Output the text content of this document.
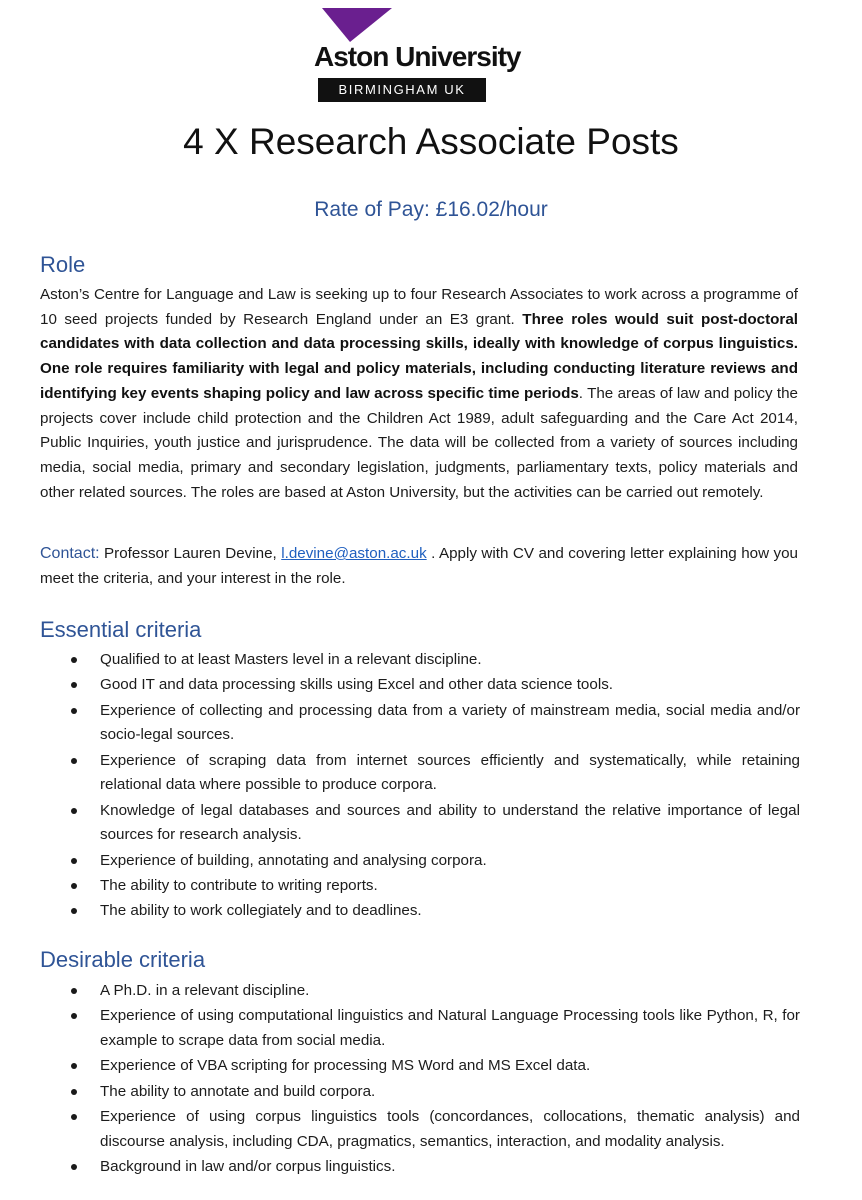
Aston University
BIRMINGHAM UK
4 X Research Associate Posts
Rate of Pay: £16.02/hour
Role

Aston’s Centre for Language and Law is seeking up to four Research Associates to work across a programme of 10 seed projects funded by Research England under an E3 grant. Three roles would suit post-doctoral candidates with data collection and data processing skills, ideally with knowledge of corpus linguistics. One role requires familiarity with legal and policy materials, including conducting literature reviews and identifying key events shaping policy and law across specific time periods. The areas of law and policy the projects cover include child protection and the Children Act 1989, adult safeguarding and the Care Act 2014, Public Inquiries, youth justice and jurisprudence. The data will be collected from a variety of sources including media, social media, primary and secondary legislation, judgments, parliamentary texts, policy materials and other related sources. The roles are based at Aston University, but the activities can be carried out remotely.

Contact: Professor Lauren Devine, l.devine@aston.ac.uk . Apply with CV and covering letter explaining how you meet the criteria, and your interest in the role.

Essential criteria
Qualified to at least Masters level in a relevant discipline.
Good IT and data processing skills using Excel and other data science tools.
Experience of collecting and processing data from a variety of mainstream media, social media and/or socio-legal sources.
Experience of scraping data from internet sources efficiently and systematically, while retaining relational data where possible to produce corpora.
Knowledge of legal databases and sources and ability to understand the relative importance of legal sources for research analysis.
Experience of building, annotating and analysing corpora.
The ability to contribute to writing reports.
The ability to work collegiately and to deadlines.
Desirable criteria
A Ph.D. in a relevant discipline.
Experience of using computational linguistics and Natural Language Processing tools like Python, R, for example to scrape data from social media.
Experience of VBA scripting for processing MS Word and MS Excel data.
The ability to annotate and build corpora.
Experience of using corpus linguistics tools (concordances, collocations, thematic analysis) and discourse analysis, including CDA, pragmatics, semantics, interaction, and modality analysis.
Background in law and/or corpus linguistics.
